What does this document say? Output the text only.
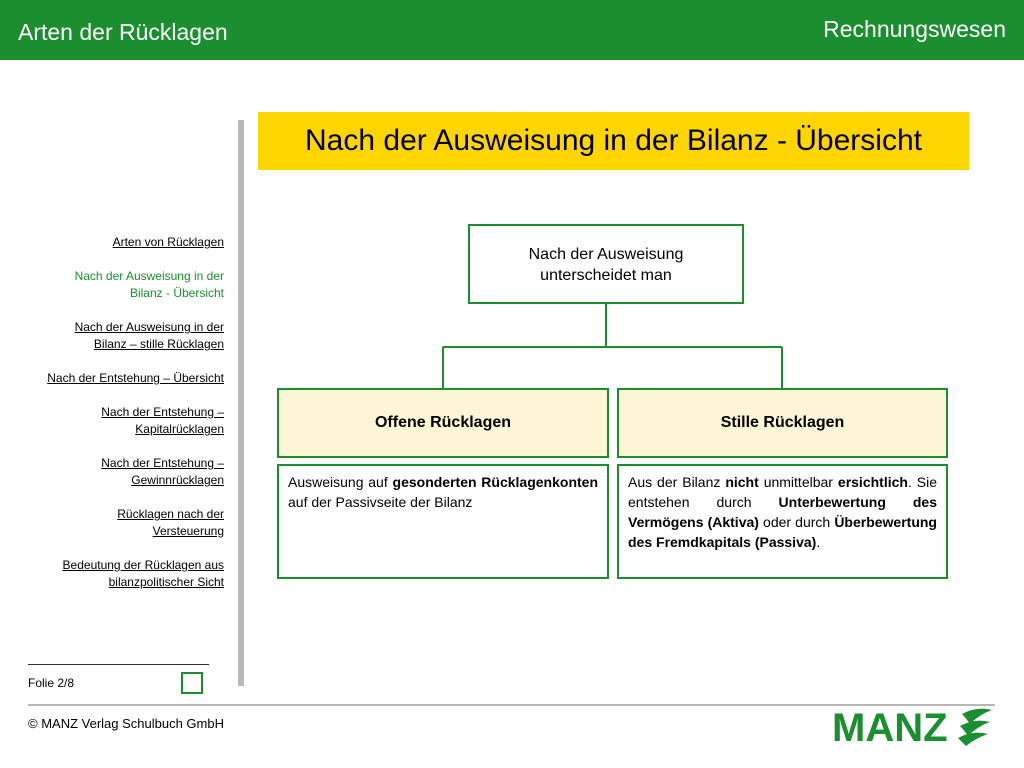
Arten der Rücklagen	Rechnungswesen
Nach der Ausweisung in der Bilanz - Übersicht
Arten von Rücklagen
Nach der Ausweisung in der
Bilanz - Übersicht
Nach der Ausweisung in der
Bilanz – stille Rücklagen
Nach der Entstehung – Übersicht
Nach der Entstehung –
Kapitalrücklagen
Nach der Entstehung –
Gewinnrücklagen
Rücklagen nach der
Versteuerung
Bedeutung der Rücklagen aus
bilanzpolitischer Sicht
Nach der Ausweisung
unterscheidet man
Offene Rücklagen	Stille Rücklagen
Ausweisung auf gesonderten Rücklagenkonten auf der Passivseite der Bilanz
Aus der Bilanz nicht unmittelbar ersichtlich. Sie entstehen durch Unterbewertung des Vermögens (Aktiva) oder durch Überbewertung des Fremdkapitals (Passiva).
Folie 2/8
© MANZ Verlag Schulbuch GmbH	MANZ
